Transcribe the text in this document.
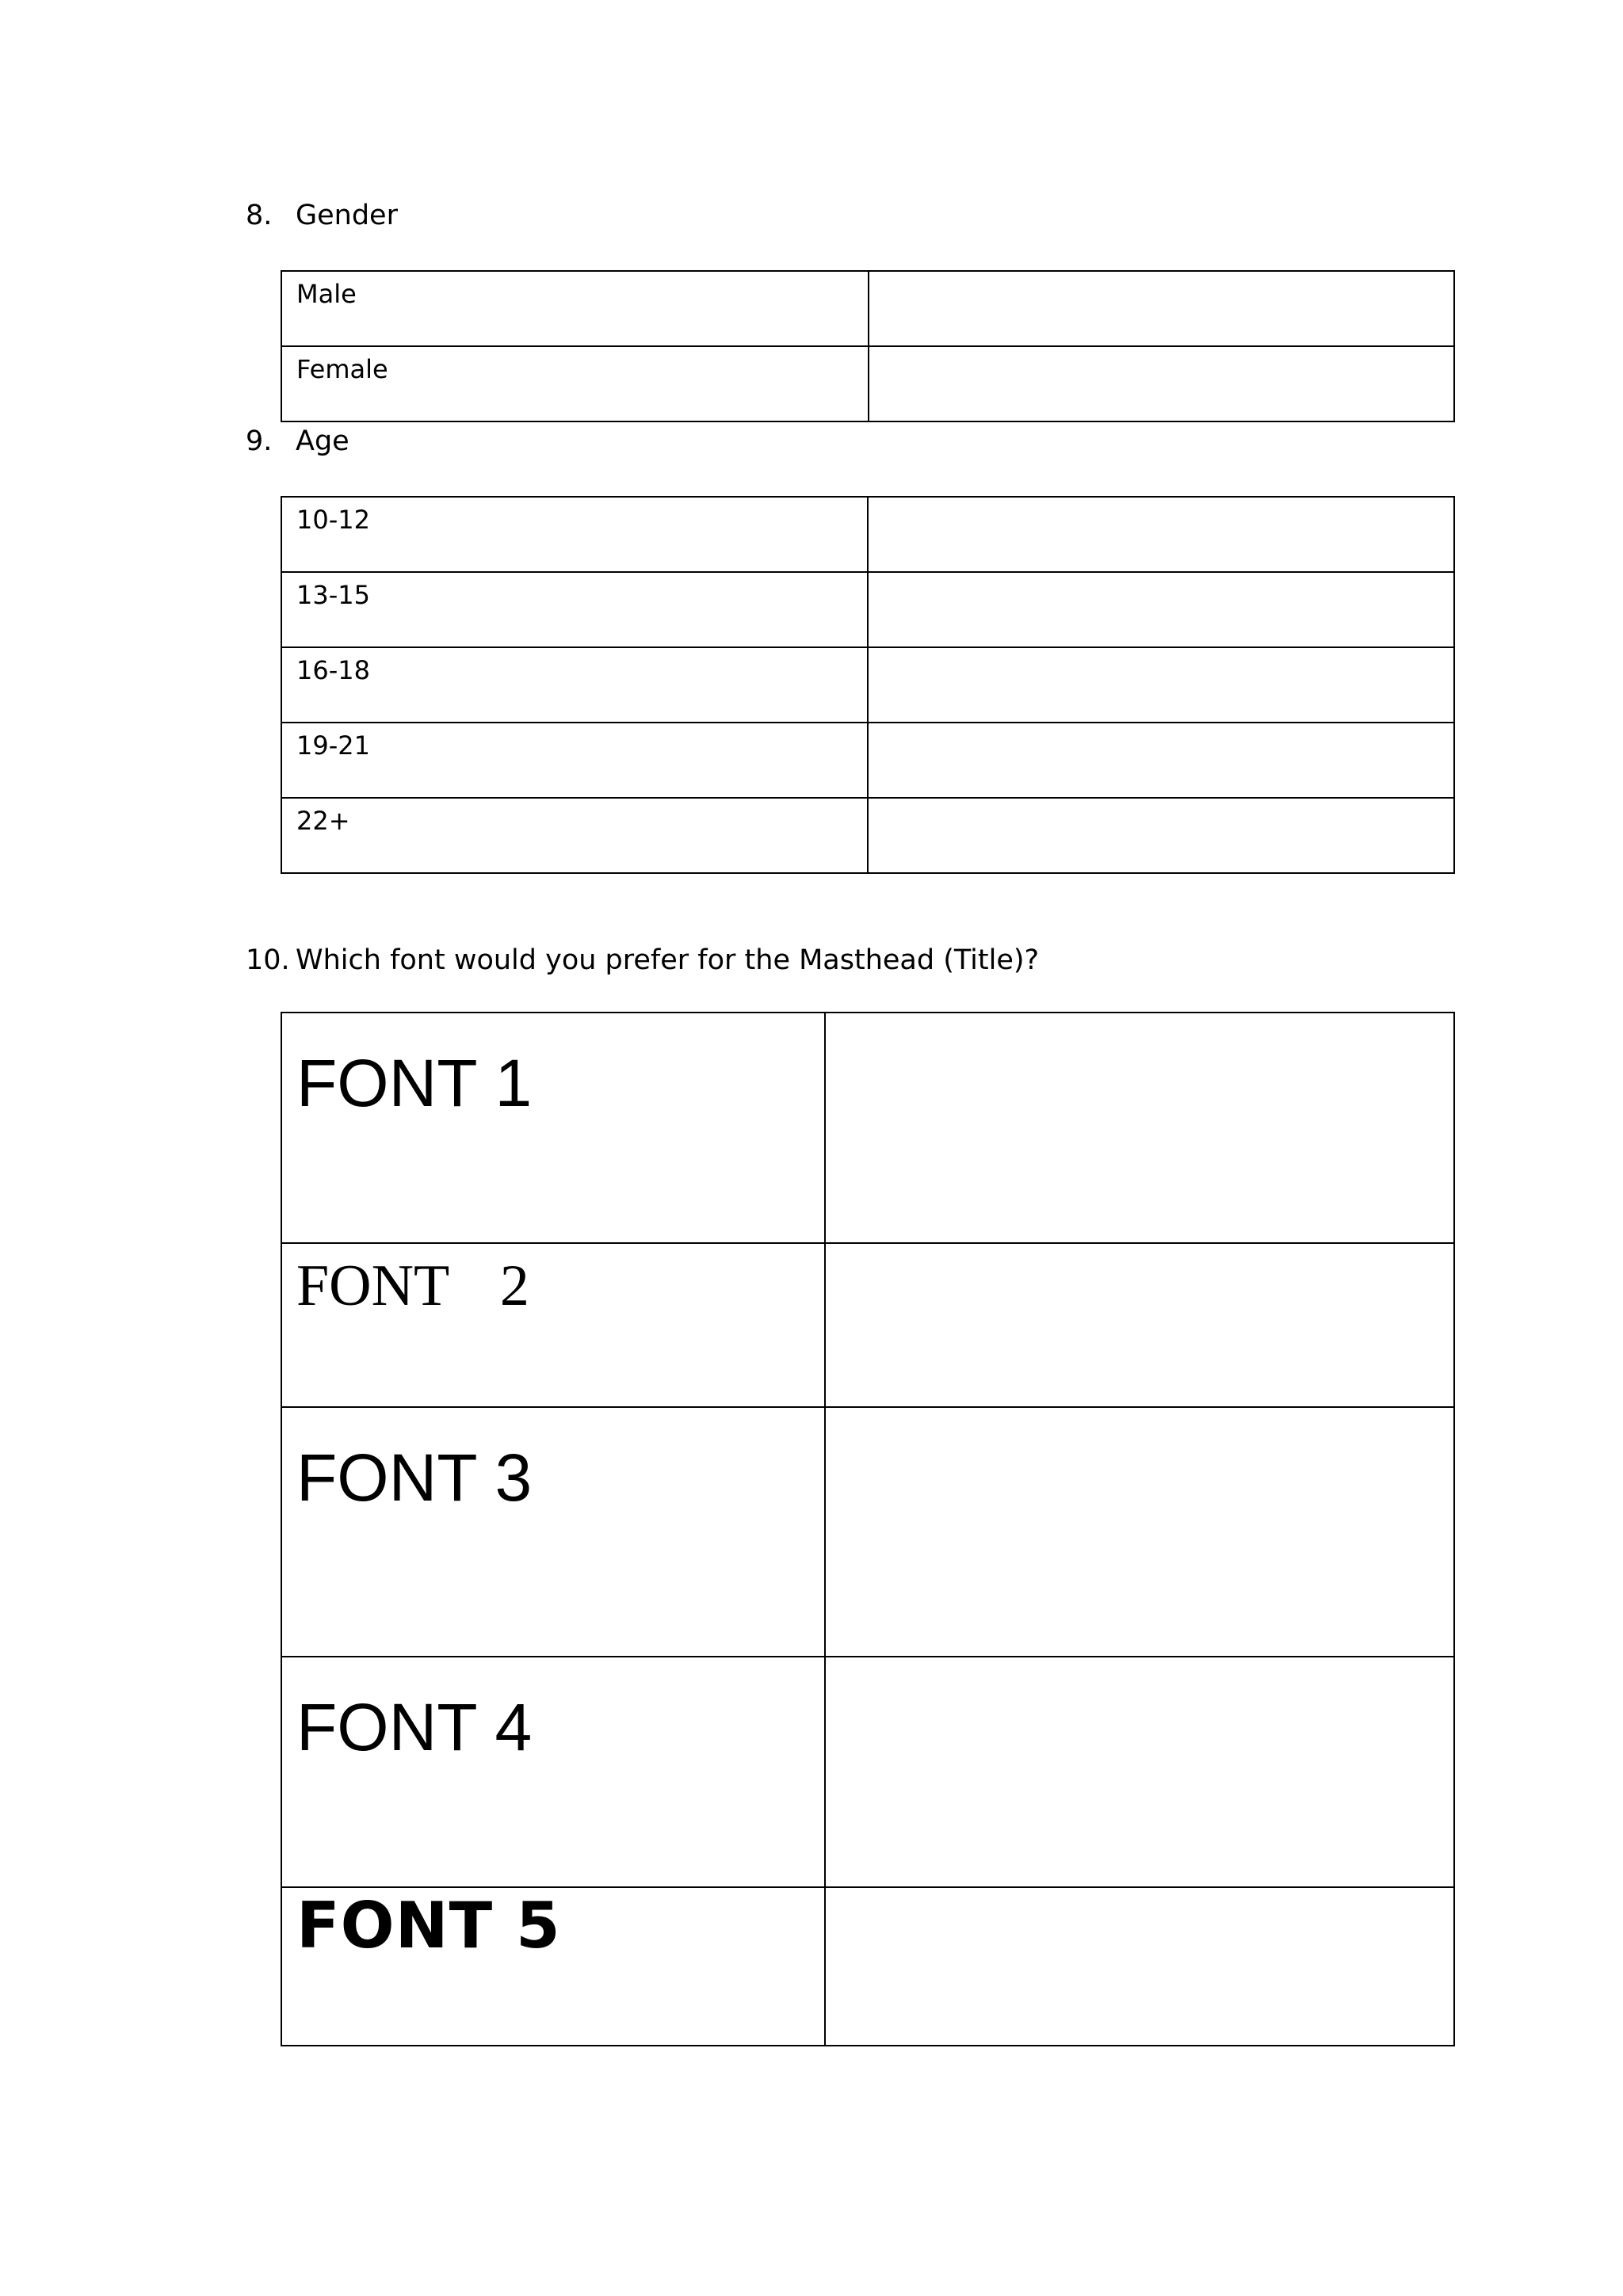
8. Gender
Male	

Female	

9. Age
10-12	

13-15	

16-18	

19-21	

22+	

10. Which font would you prefer for the Masthead (Title)?
FONT 1	

FONT  2	

FONT 3	

FONT 4	

FONT 5	
